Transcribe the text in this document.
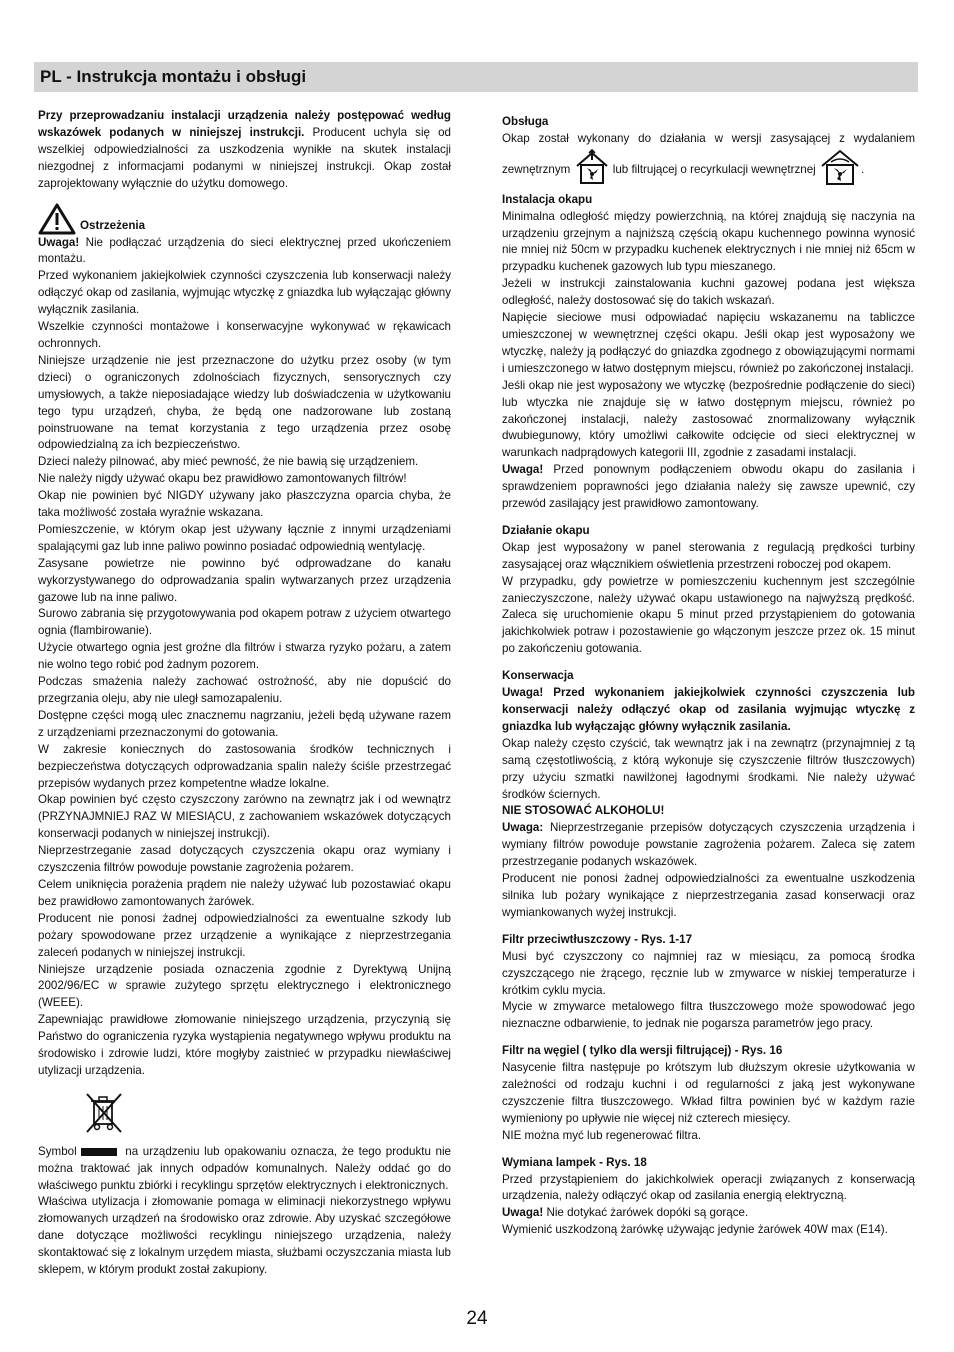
PL - Instrukcja montażu i obsługi

Przy przeprowadzaniu instalacji urządzenia należy postępować według wskazówek podanych w niniejszej instrukcji. Producent uchyla się od wszelkiej odpowiedzialności za uszkodzenia wynikłe na skutek instalacji niezgodnej z informacjami podanymi w niniejszej instrukcji. Okap został zaprojektowany wyłącznie do użytku domowego.

Ostrzeżenia

Uwaga! Nie podłączać urządzenia do sieci elektrycznej przed ukończeniem montażu.

Przed wykonaniem jakiejkolwiek czynności czyszczenia lub konserwacji należy odłączyć okap od zasilania, wyjmując wtyczkę z gniazdka lub wyłączając główny wyłącznik zasilania.

Wszelkie czynności montażowe i konserwacyjne wykonywać w rękawicach ochronnych.

Niniejsze urządzenie nie jest przeznaczone do użytku przez osoby (w tym dzieci) o ograniczonych zdolnościach fizycznych, sensorycznych czy umysłowych, a także nieposiadające wiedzy lub doświadczenia w użytkowaniu tego typu urządzeń, chyba, że będą one nadzorowane lub zostaną poinstruowane na temat korzystania z tego urządzenia przez osobę odpowiedzialną za ich bezpieczeństwo.

Dzieci należy pilnować, aby mieć pewność, że nie bawią się urządzeniem.

Nie należy nigdy używać okapu bez prawidłowo zamontowanych filtrów!

Okap nie powinien być NIGDY używany jako płaszczyzna oparcia chyba, że taka możliwość została wyraźnie wskazana.

Pomieszczenie, w którym okap jest używany łącznie z innymi urządzeniami spalającymi gaz lub inne paliwo powinno posiadać odpowiednią wentylację.

Zasysane powietrze nie powinno być odprowadzane do kanału wykorzystywanego do odprowadzania spalin wytwarzanych przez urządzenia gazowe lub na inne paliwo.

Surowo zabrania się przygotowywania pod okapem potraw z użyciem otwartego ognia (flambirowanie).

Użycie otwartego ognia jest groźne dla filtrów i stwarza ryzyko pożaru, a zatem nie wolno tego robić pod żadnym pozorem.

Podczas smażenia należy zachować ostrożność, aby nie dopuścić do przegrzania oleju, aby nie uległ samozapaleniu.

Dostępne części mogą ulec znacznemu nagrzaniu, jeżeli będą używane razem z urządzeniami przeznaczonymi do gotowania.

W zakresie koniecznych do zastosowania środków technicznych i bezpieczeństwa dotyczących odprowadzania spalin należy ściśle przestrzegać przepisów wydanych przez kompetentne władze lokalne.

Okap powinien być często czyszczony zarówno na zewnątrz jak i od wewnątrz (PRZYNAJMNIEJ RAZ W MIESIĄCU, z zachowaniem wskazówek dotyczących konserwacji podanych w niniejszej instrukcji).

Nieprzestrzeganie zasad dotyczących czyszczenia okapu oraz wymiany i czyszczenia filtrów powoduje powstanie zagrożenia pożarem.

Celem uniknięcia porażenia prądem nie należy używać lub pozostawiać okapu bez prawidłowo zamontowanych żarówek.

Producent nie ponosi żadnej odpowiedzialności za ewentualne szkody lub pożary spowodowane przez urządzenie a wynikające z nieprzestrzegania zaleceń podanych w niniejszej instrukcji.

Niniejsze urządzenie posiada oznaczenia zgodnie z Dyrektywą Unijną 2002/96/EC w sprawie zużytego sprzętu elektrycznego i elektronicznego (WEEE).

Zapewniając prawidłowe złomowanie niniejszego urządzenia, przyczynią się Państwo do ograniczenia ryzyka wystąpienia negatywnego wpływu produktu na środowisko i zdrowie ludzi, które mogłyby zaistnieć w przypadku niewłaściwej utylizacji urządzenia.

Symbol	na urządzeniu lub opakowaniu oznacza, że tego produktu nie można traktować jak innych odpadów komunalnych. Należy oddać go do właściwego punktu zbiórki i recyklingu sprzętów elektrycznych i elektronicznych.

Właściwa utylizacja i złomowanie pomaga w eliminacji niekorzystnego wpływu złomowanych urządzeń na środowisko oraz zdrowie. Aby uzyskać szczegółowe dane dotyczące możliwości recyklingu niniejszego urządzenia, należy skontaktować się z lokalnym urzędem miasta, służbami oczyszczania miasta lub sklepem, w którym produkt został zakupiony.

Obsługa

Okap został wykonany do działania w wersji zasysającej z wydalaniem zewnętrznym	lub filtrującej o recyrkulacji wewnętrznej	.

Instalacja okapu

Minimalna odległość między powierzchnią, na której znajdują się naczynia na urządzeniu grzejnym a najniższą częścią okapu kuchennego powinna wynosić nie mniej niż 50cm w przypadku kuchenek elektrycznych i nie mniej niż 65cm w przypadku kuchenek gazowych lub typu mieszanego.

Jeżeli w instrukcji zainstalowania kuchni gazowej podana jest większa odległość, należy dostosować się do takich wskazań.

Napięcie sieciowe musi odpowiadać napięciu wskazanemu na tabliczce umieszczonej w wewnętrznej części okapu. Jeśli okap jest wyposażony we wtyczkę, należy ją podłączyć do gniazdka zgodnego z obowiązującymi normami i umieszczonego w łatwo dostępnym miejscu, również po zakończonej instalacji.

Jeśli okap nie jest wyposażony we wtyczkę (bezpośrednie podłączenie do sieci) lub wtyczka nie znajduje się w łatwo dostępnym miejscu, również po zakończonej instalacji, należy zastosować znormalizowany wyłącznik dwubiegunowy, który umożliwi całkowite odcięcie od sieci elektrycznej w warunkach nadprądowych kategorii III, zgodnie z zasadami instalacji.

Uwaga! Przed ponownym podłączeniem obwodu okapu do zasilania i sprawdzeniem poprawności jego działania należy się zawsze upewnić, czy przewód zasilający jest prawidłowo zamontowany.

Działanie okapu

Okap jest wyposażony w panel sterowania z regulacją prędkości turbiny zasysającej oraz włącznikiem oświetlenia przestrzeni roboczej pod okapem.

W przypadku, gdy powietrze w pomieszczeniu kuchennym jest szczególnie zanieczyszczone, należy używać okapu ustawionego na najwyższą prędkość. Zaleca się uruchomienie okapu 5 minut przed przystąpieniem do gotowania jakichkolwiek potraw i pozostawienie go włączonym jeszcze przez ok. 15 minut po zakończeniu gotowania.

Konserwacja

Uwaga! Przed wykonaniem jakiejkolwiek czynności czyszczenia lub konserwacji należy odłączyć okap od zasilania wyjmując wtyczkę z gniazdka lub wyłączając główny wyłącznik zasilania.

Okap należy często czyścić, tak wewnątrz jak i na zewnątrz (przynajmniej z tą samą częstotliwością, z którą wykonuje się czyszczenie filtrów tłuszczowych) przy użyciu szmatki nawilżonej łagodnymi środkami. Nie należy używać środków ściernych.

NIE STOSOWAĆ ALKOHOLU!

Uwaga: Nieprzestrzeganie przepisów dotyczących czyszczenia urządzenia i wymiany filtrów powoduje powstanie zagrożenia pożarem. Zaleca się zatem przestrzeganie podanych wskazówek.

Producent nie ponosi żadnej odpowiedzialności za ewentualne uszkodzenia silnika lub pożary wynikające z nieprzestrzegania zasad konserwacji oraz wymiankowanych wyżej instrukcji.

Filtr przeciwtłuszczowy - Rys. 1-17

Musi być czyszczony co najmniej raz w miesiącu, za pomocą środka czyszczącego nie żrącego, ręcznie lub w zmywarce w niskiej temperaturze i krótkim cyklu mycia.

Mycie w zmywarce metalowego filtra tłuszczowego może spowodować jego nieznaczne odbarwienie, to jednak nie pogarsza parametrów jego pracy.

Filtr na węgiel ( tylko dla wersji filtrującej) - Rys. 16

Nasycenie filtra następuje po krótszym lub dłuższym okresie użytkowania w zależności od rodzaju kuchni i od regularności z jaką jest wykonywane czyszczenie filtra tłuszczowego. Wkład filtra powinien być w każdym razie wymieniony po upływie nie więcej niż czterech miesięcy.

NIE można myć lub regenerować filtra.

Wymiana lampek - Rys. 18

Przed przystąpieniem do jakichkolwiek operacji związanych z konserwacją urządzenia, należy odłączyć okap od zasilania energią elektryczną.

Uwaga! Nie dotykać żarówek dopóki są gorące.

Wymienić uszkodzoną żarówkę używając jedynie żarówek 40W max (E14).

24
